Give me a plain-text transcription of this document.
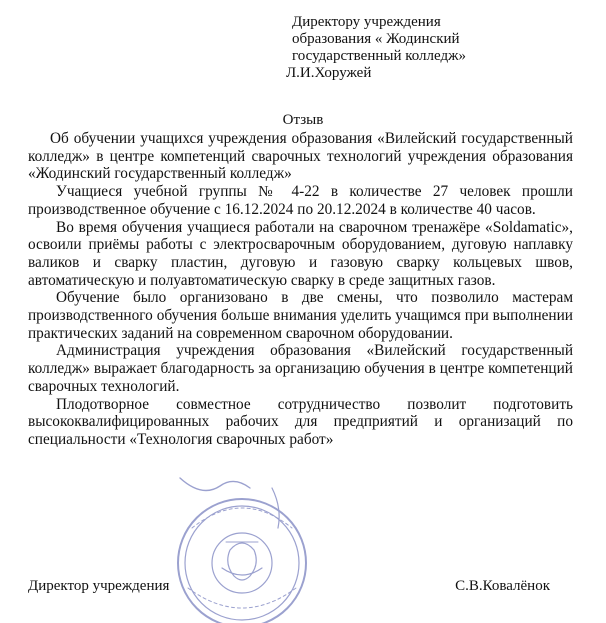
Директору учреждения
образования « Жодинский
государственный колледж»
Л.И.Хоружей
Отзыв

Об обучении учащихся учреждения образования «Вилейский государственный колледж» в центре компетенций сварочных технологий учреждения образования «Жодинский государственный колледж»

Учащиеся учебной группы № 4-22 в количестве 27 человек прошли производственное обучение с 16.12.2024 по 20.12.2024 в количестве 40 часов.

Во время обучения учащиеся работали на сварочном тренажёре «Soldamatic», освоили приёмы работы с электросварочным оборудованием, дуговую наплавку валиков и сварку пластин, дуговую и газовую сварку кольцевых швов, автоматическую и полуавтоматическую сварку в среде защитных газов.

Обучение было организовано в две смены, что позволило мастерам производственного обучения больше внимания уделить учащимся при выполнении практических заданий на современном сварочном оборудовании.

Администрация учреждения образования «Вилейский государственный колледж» выражает благодарность за организацию обучения в центре компетенций сварочных технологий.

Плодотворное совместное сотрудничество позволит подготовить высококвалифицированных рабочих для предприятий и организаций по специальности «Технология сварочных работ»

Директор учреждения	С.В.Ковалёнок
